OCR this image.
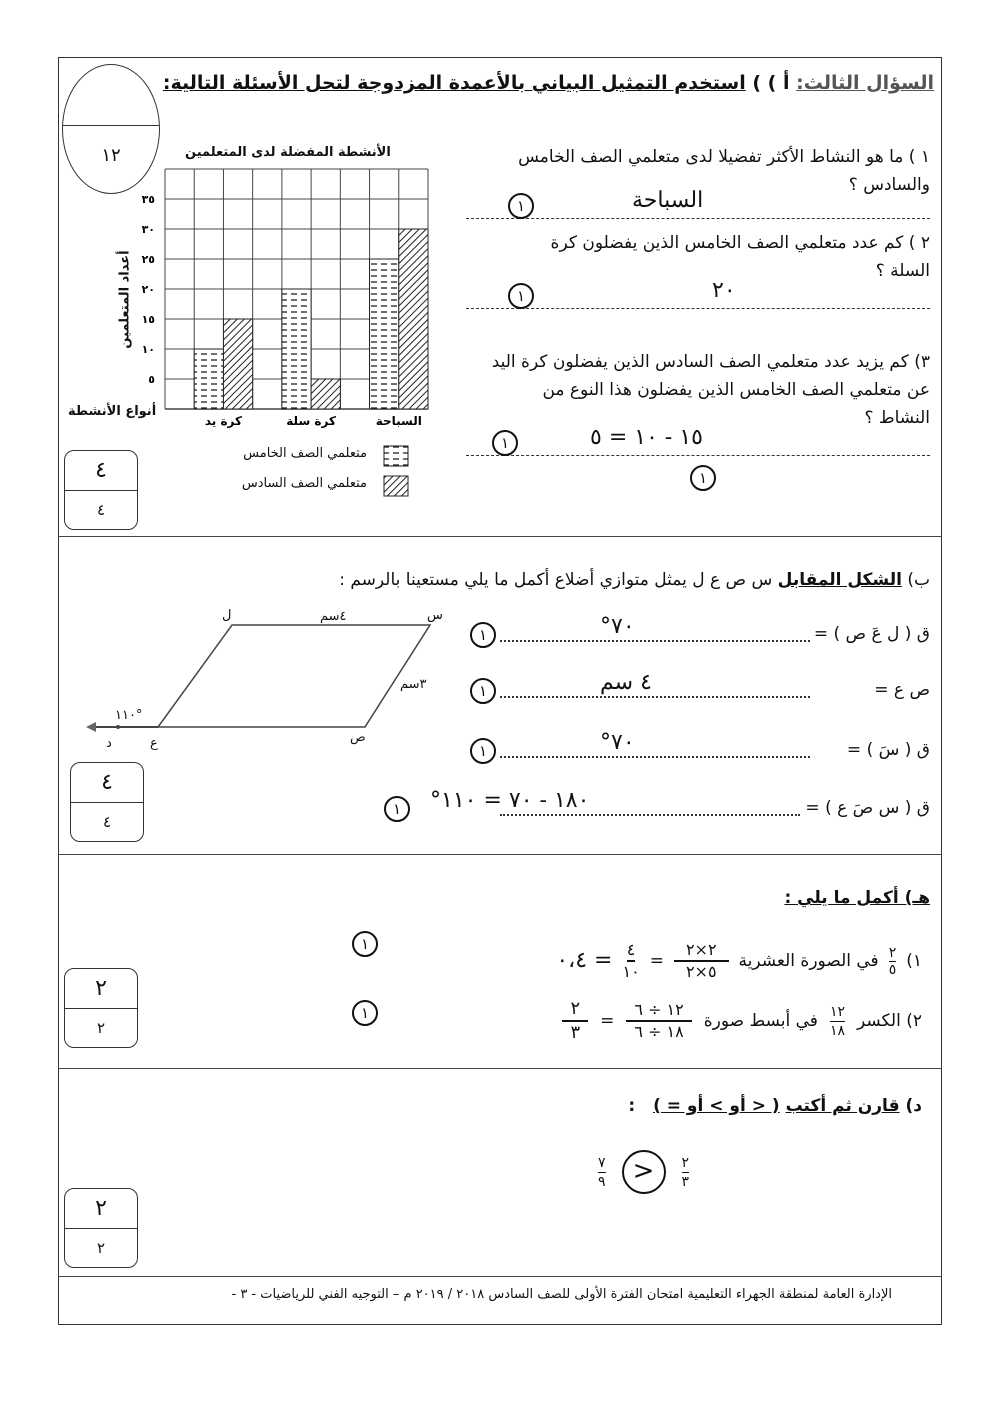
١٢
السؤال الثالث: أ ) ) استخدم التمثيل البياني بالأعمدة المزدوجة لتحل الأسئلة التالية:
كرة يد	كرة سلة	السباحة
٥
١٠
١٥
٢٠
٢٥
٣٠
٣٥
الأنشطة المفضلة لدى المتعلمين
أنواع الأنشطة
أعداد المتعلمين
متعلمي الصف الخامس
متعلمي الصف السادس
١ ) ما هو النشاط الأكثر تفضيلا لدى متعلمي الصف الخامس والسادس ؟
السباحة
١
٢ ) كم عدد متعلمي الصف الخامس الذين يفضلون كرة السلة ؟
٢٠
١
٣) كم يزيد عدد متعلمي الصف السادس الذين يفضلون كرة اليد عن متعلمي الصف الخامس الذين يفضلون هذا النوع من النشاط ؟
١٥ - ١٠ = ٥
١
١
٤
٤
ب) الشكل المقابل س ص ع ل يمثل متوازي أضلاع أكمل ما يلي مستعينا بالرسم :
ل	س
ص
ع
د
٤سم
٣سم
١١٠°
ق ( ل عَ ص ) =
٧٠°
١
ص ع =
٤ سم
١
ق ( سَ ) =
٧٠°
١
ق ( س صَ ع ) =
١٨٠ - ٧٠ = ١١٠°
١
٤
٤
هـ) أكمل ما يلي :
١)
٢
٥
في الصورة العشرية
٢×٢
٥×٢
=
٤
١٠
= ٠،٤
١
٢) الكسر
١٢
١٨
في أبسط صورة
١٢ ÷ ٦
١٨ ÷ ٦
=
٢
٣
١
٢
٢
د) قارن ثم أكتب ( < أو > أو = ) :
٧
٩	>	٢
٣
٢
٢
الإدارة العامة لمنطقة الجهراء التعليمية امتحان الفترة الأولى للصف السادس ٢٠١٨ / ٢٠١٩ م – التوجيه الفني للرياضيات - ٣ -
